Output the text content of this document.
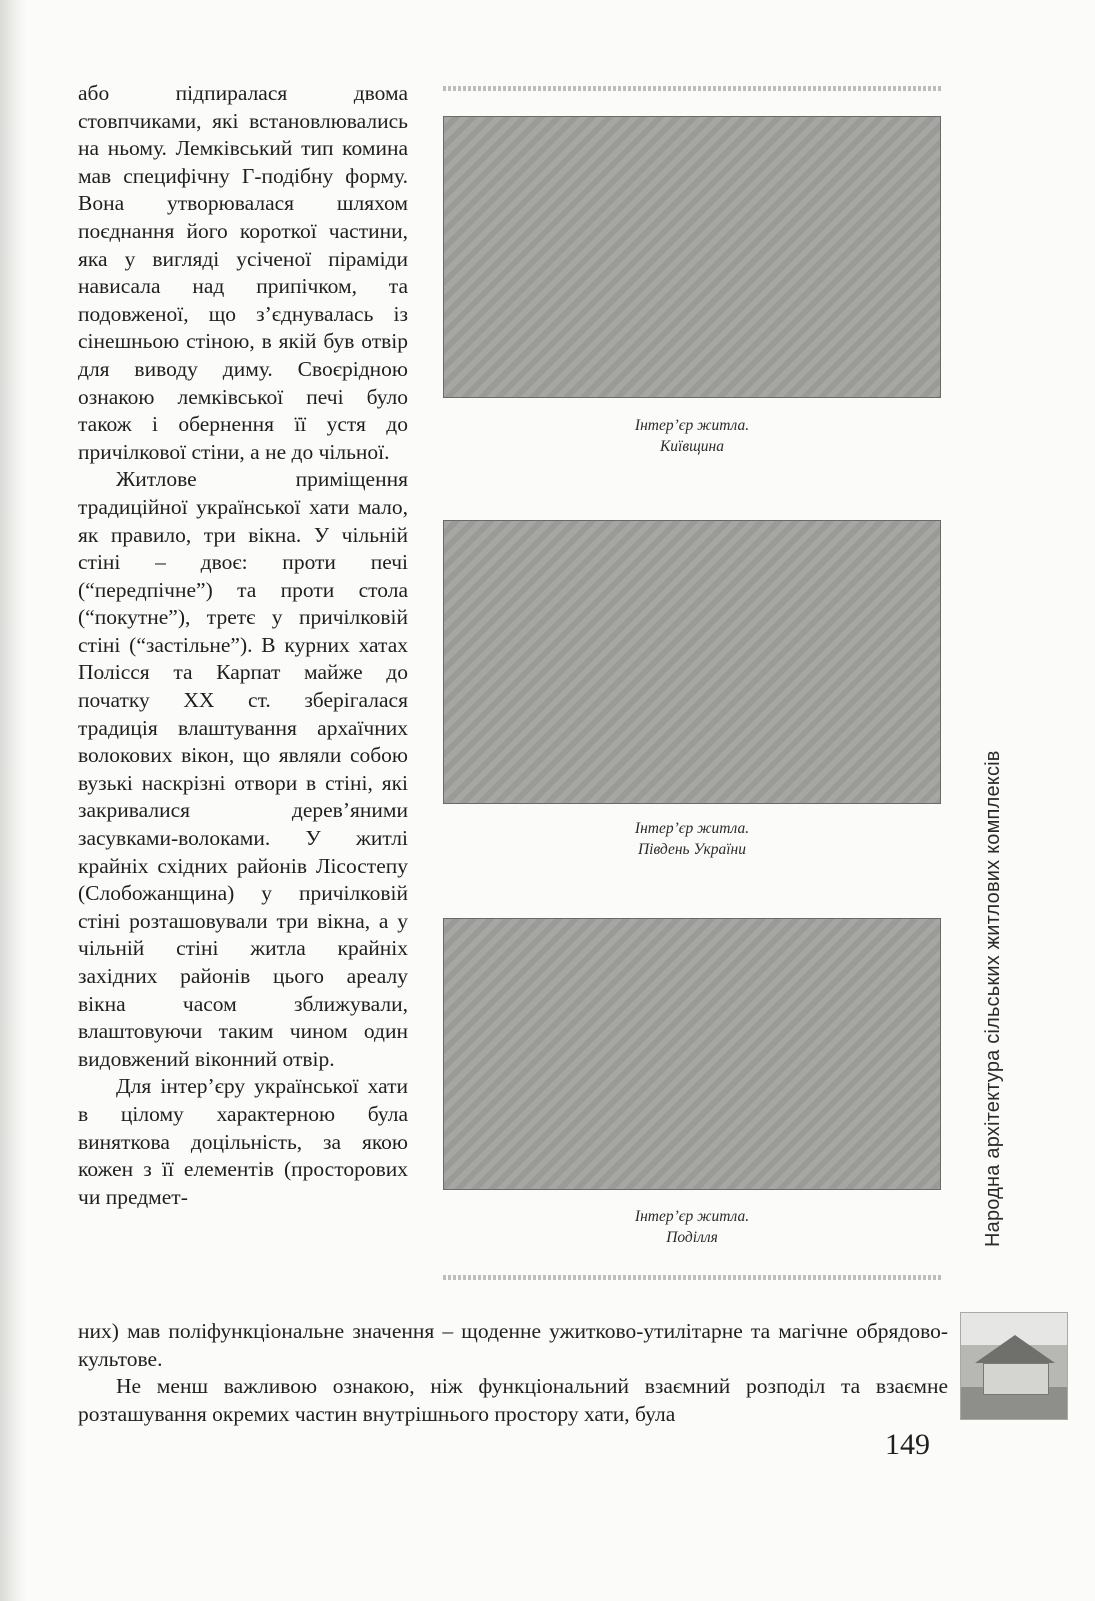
або підпиралася двома стовпчиками, які встановлювались на ньому. Лемківський тип комина мав специфічну Г-подібну форму. Вона утворювалася шляхом поєднання його короткої частини, яка у вигляді усіченої піраміди нависала над припічком, та подовженої, що з’єднувалась із сінешньою стіною, в якій був отвір для виводу диму. Своєрідною ознакою лемківської печі було також і обернення її устя до причілкової стіни, а не до чільної.

Житлове приміщення традиційної української хати мало, як правило, три вікна. У чільній стіні – двоє: проти печі (“передпічне”) та проти стола (“покутне”), третє у причілковій стіні (“застільне”). В курних хатах Полісся та Карпат майже до початку XX ст. зберігалася традиція влаштування архаїчних волокових вікон, що являли собою вузькі наскрізні отвори в стіні, які закривалися дерев’яними засувками-волоками. У житлі крайніх східних районів Лісостепу (Слобожанщина) у причілковій стіні розташовували три вікна, а у чільній стіні житла крайніх західних районів цього ареалу вікна часом зближували, влаштовуючи таким чином один видовжений віконний отвір.

Для інтер’єру української хати в цілому характерною була виняткова доцільність, за якою кожен з її елементів (просторових чи предмет-

Інтер’єр житла.
Київщина
Інтер’єр житла.
Південь України
Інтер’єр житла.
Поділля

них) мав поліфункціональне значення – щоденне ужитково-утилітарне та магічне обрядово-культове.

Не менш важливою ознакою, ніж функціональний взаємний розподіл та взаємне розташування окремих частин внутрішнього простору хати, була

Народна архітектура сільських житлових комплексів
149
